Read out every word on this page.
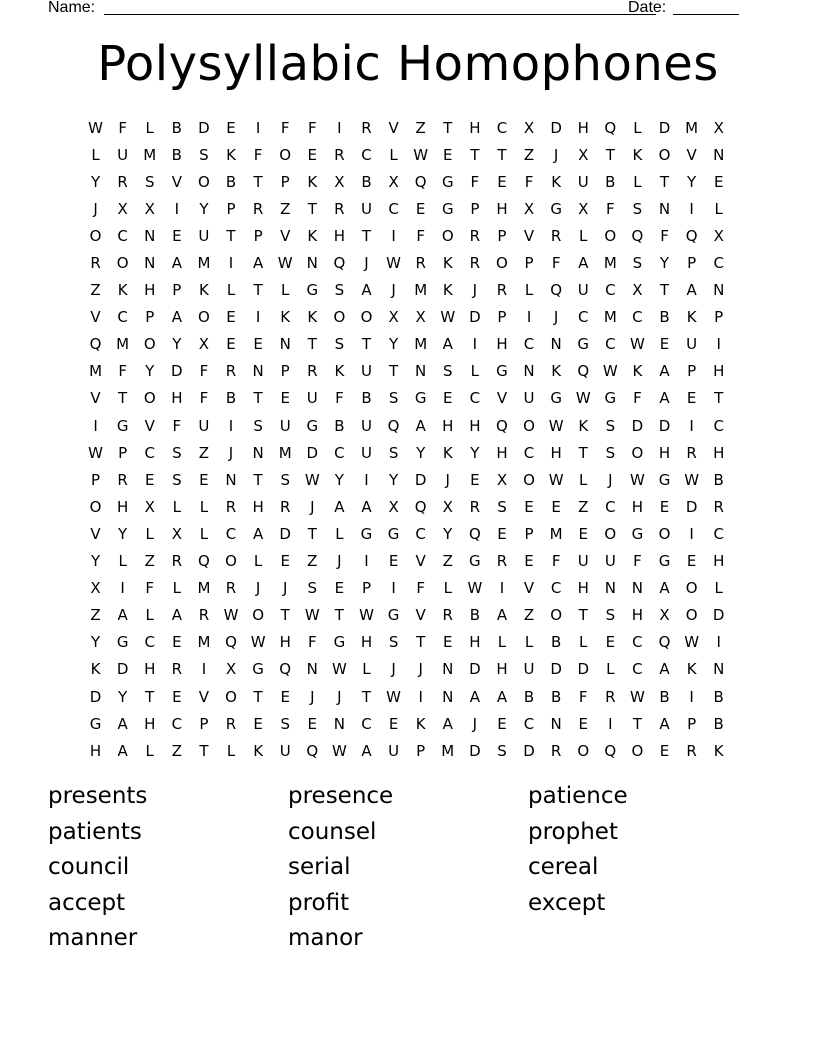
Name:	Date:
Polysyllabic Homophones
W	F	L	B	D	E	I	F	F	I	R	V	Z	T	H	C	X	D	H	Q	L	D M	X
L	U	M	B	S	K	F	O	E	R	C	L	W E	T	T	Z	J	X	T	K	O	V	N
Y	R	S	V	O	B	T	P	K	X	B	X	Q	G	F	E	F	K	U	B	L	T	Y	E
J	X	X	I	Y	P	R	Z	T	R	U	C	E	G	P	H	X	G	X	F	S	N	I	L
O	C	N	E	U	T	P	V	K	H	T	I	F	O	R	P	V	R	L	O	Q	F	Q	X
R	O	N	A	M	I	A W N	Q	J	W R	K	R	O	P	F	A	M	S	Y	P	C
Z	K	H	P	K	L	T	L	G	S	A	J	M	K	J	R	L	Q	U	C	X	T	A	N
V	C	P	A	O	E	I	K	K	O	O	X	X W D	P	I	J	C	M	C	B	K	P
Q M O	Y	X	E	E	N	T	S	T	Y	M	A	I	H	C	N	G	C W E	U	I
M	F	Y	D	F	R	N	P	R	K	U	T	N	S	L	G	N	K	Q W K	A	P	H
V	T	O	H	F	B	T	E	U	F	B	S	G	E	C	V	U	G W G	F	A	E	T
I	G	V	F	U	I	S	U	G	B	U	Q	A	H	H	Q	O W K	S	D	D	I	C
W	P	C	S	Z	J	N	M D	C	U	S	Y	K	Y	H	C	H	T	S	O	H	R	H
P	R	E	S	E	N	T	S W	Y	I	Y	D	J	E	X	O W	L	J	W G W B
O	H	X	L	L	R	H	R	J	A	A	X	Q	X	R	S	E	E	Z	C	H	E	D	R
V	Y	L	X	L	C	A	D	T	L	G	G	C	Y	Q	E	P	M	E	O	G	O	I	C
Y	L	Z	R	Q	O	L	E	Z	J	I	E	V	Z	G	R	E	F	U	U	F	G	E	H
X	I	F	L	M	R	J	J	S	E	P	I	F	L	W	I	V	C	H	N	N	A	O	L
Z	A	L	A	R W O	T	W	T	W G	V	R	B	A	Z	O	T	S	H	X	O	D
Y	G	C	E	M Q W H	F	G	H	S	T	E	H	L	L	B	L	E	C	Q W	I
K	D	H	R	I	X	G	Q	N W	L	J	J	N	D	H	U	D	D	L	C	A	K	N
D	Y	T	E	V	O	T	E	J	J	T	W	I	N	A	A	B	B	F	R W B	I	B
G	A	H	C	P	R	E	S	E	N	C	E	K	A	J	E	C	N	E	I	T	A	P	B
H	A	L	Z	T	L	K	U	Q W A	U	P	M D	S	D	R	O	Q	O	E	R	K
presents	presence	patience
patients	counsel	prophet
council	serial	cereal
accept	profit	except
manner	manor
